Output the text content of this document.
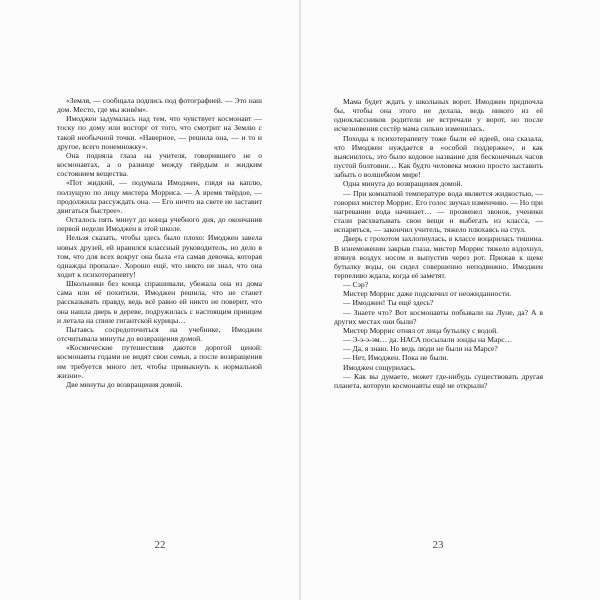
«Земля, — сообщала подпись под фотографией. — Это наш дом. Место, где мы живём».

Имоджен задумалась над тем, что чувствует космонавт — тоску по дому или восторг от того, что смотрит на Землю с такой необычной точки. «Наверное, — решила она, — и то и другое, всего понемножку».

Она подняла глаза на учителя, говорившего не о космонавтах, а о разнице между твёрдым и жидким состоянием вещества.

«Пот жидкий, — подумала Имоджен, глядя на каплю, ползущую по лицу мистера Морриса. — А время твёрдое, — продолжила рассуждать она. — Его ничто на свете не заставит двигаться быстрее».

Осталось пять минут до конца учебного дня, до окончания первой недели Имоджен в этой школе.

Нельзя сказать, чтобы здесь было плохо: Имоджен завела новых друзей, ей нравился классный руководитель, но дело в том, что для всех вокруг она была «та самая девочка, которая однажды пропала». Хорошо ещё, что никто не знал, что она ходит к психотерапевту!

Школьники без конца спрашивали, убежала она из дома сама или её похитили. Имоджен решила, что не станет рассказывать правду, ведь всё равно ей никто не поверит, что она нашла дверь в дереве, подружилась с настоящим принцем и летала на спине гигантской курицы…

Пытаясь сосредоточиться на учебнике, Имоджен отсчитывала минуты до возвращения домой.

«Космические путешествия даются дорогой ценой: космонавты годами не видят свои семьи, а после возвращения им требуется много лет, чтобы привыкнуть к нормальной жизни».

Две минуты до возвращения домой.

22

Мама будет ждать у школьных ворот. Имоджен предпочла бы, чтобы она этого не делала, ведь никого из её одноклассников родители не встречали у ворот, но после исчезновения сестёр мама сильно изменилась.

Походы к психотерапевту тоже были её идеей, она сказала, что Имоджен нуждается в «особой поддержке», и как выяснилось, это было кодовое название для бесконечных часов пустой болтовни… Как будто человека можно просто заставить забыть о волшебном мире!

Одна минута до возвращения домой.

— При комнатной температуре вода является жидкостью, — говорил мистер Моррис. Его голос звучал изменчиво. — Но при нагревании вода начинает… — прозвенел звонок, ученики стали расхватывать свои вещи и выбегать из класса, — испаряться, — закончил учитель, тяжело плюхаясь на стул.

Дверь с грохотом захлопнулась, в классе воцарилась тишина. В изнеможении закрыв глаза, мистер Моррис тяжело вздохнул, втянув воздух носом и выпустив через рот. Прижав к щеке бутылку воды, он сидел совершенно неподвижно. Имоджен терпеливо ждала, когда её заметят.

— Сэр?

Мистер Моррис даже подскочил от неожиданности.

— Имоджен! Ты ещё здесь?

— Знаете что? Вот космонавты побывали на Луне, да? А в других местах они были?

Мистер Моррис отнял от лица бутылку с водой.

— Э-э-э-эм… да. НАСА посылали зонды на Марс…

— Да, я знаю. Но ведь люди не были на Марсе?

— Нет, Имоджен. Пока не были.

Имоджен сощурилась.

— Как вы думаете, может где-нибудь существовать другая планета, которую космонавты ещё не открыли?

23
